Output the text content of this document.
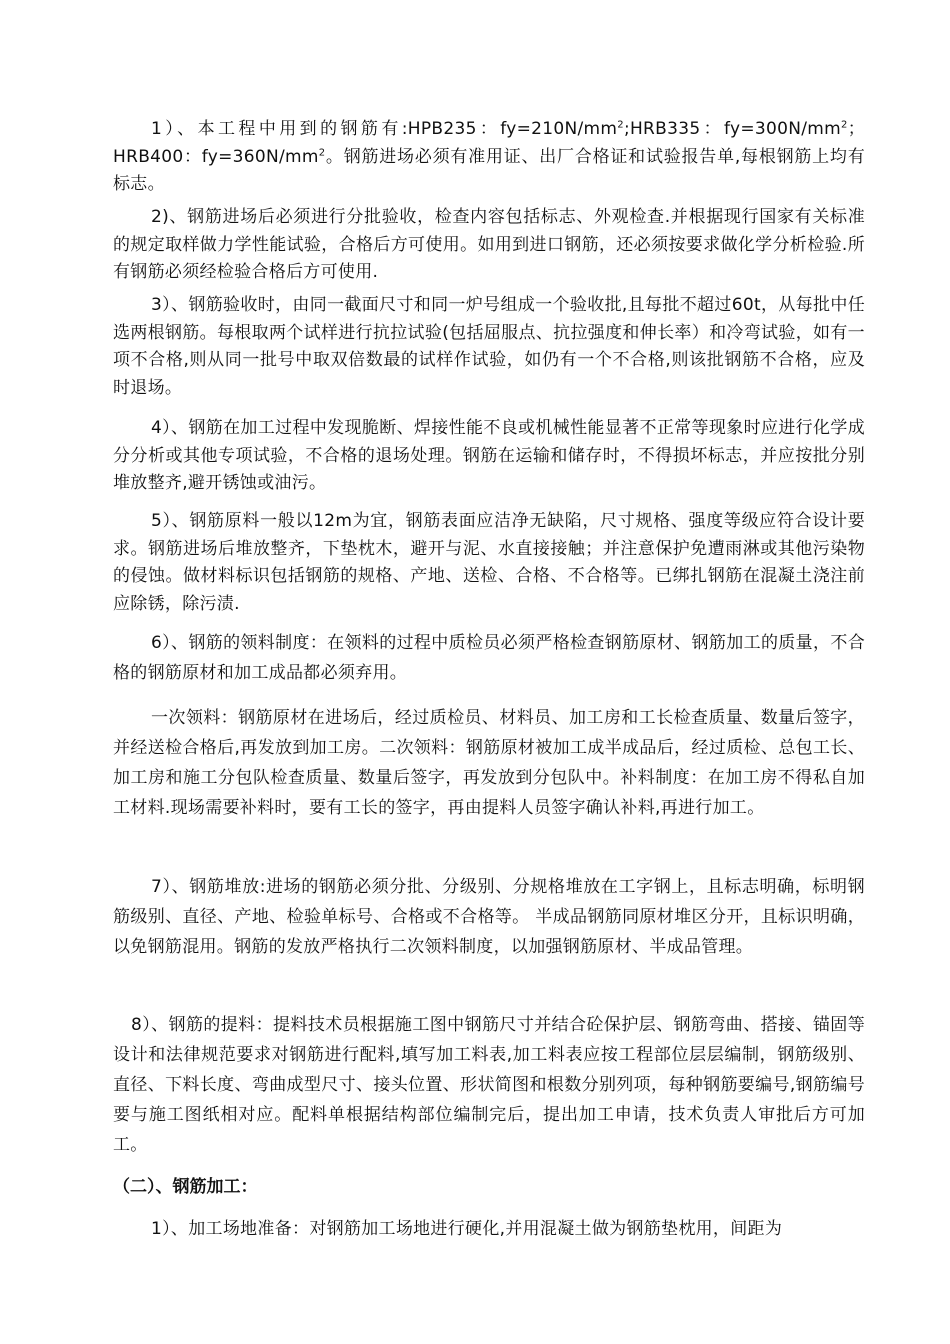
1）、本工程中用到的钢筋有:HPB235：$fy=210N/mm^2;HRB335$：$fy=300N/mm^2$；HRB400：$fy=360N/mm^2$。钢筋进场必须有准用证、出厂合格证和试验报告单,每根钢筋上均有标志。

2)、钢筋进场后必须进行分批验收，检查内容包括标志、外观检查.并根据现行国家有关标准的规定取样做力学性能试验，合格后方可使用。如用到进口钢筋，还必须按要求做化学分析检验.所有钢筋必须经检验合格后方可使用.

3）、钢筋验收时，由同一截面尺寸和同一炉号组成一个验收批,且每批不超过60t，从每批中任选两根钢筋。每根取两个试样进行抗拉试验(包括屈服点、抗拉强度和伸长率）和冷弯试验，如有一项不合格,则从同一批号中取双倍数最的试样作试验，如仍有一个不合格,则该批钢筋不合格，应及时退场。

4）、钢筋在加工过程中发现脆断、焊接性能不良或机械性能显著不正常等现象时应进行化学成分分析或其他专项试验，不合格的退场处理。钢筋在运输和储存时，不得损坏标志，并应按批分别堆放整齐,避开锈蚀或油污。

5）、钢筋原料一般以12m为宜，钢筋表面应洁净无缺陷，尺寸规格、强度等级应符合设计要求。钢筋进场后堆放整齐，下垫枕木，避开与泥、水直接接触；并注意保护免遭雨淋或其他污染物的侵蚀。做材料标识包括钢筋的规格、产地、送检、合格、不合格等。已绑扎钢筋在混凝土浇注前应除锈，除污渍.

6）、钢筋的领料制度：在领料的过程中质检员必须严格检查钢筋原材、钢筋加工的质量，不合格的钢筋原材和加工成品都必须弃用。

一次领料：钢筋原材在进场后，经过质检员、材料员、加工房和工长检查质量、数量后签字，并经送检合格后,再发放到加工房。二次领料：钢筋原材被加工成半成品后，经过质检、总包工长、加工房和施工分包队检查质量、数量后签字，再发放到分包队中。补料制度：在加工房不得私自加工材料.现场需要补料时，要有工长的签字，再由提料人员签字确认补料,再进行加工。

7）、钢筋堆放:进场的钢筋必须分批、分级别、分规格堆放在工字钢上，且标志明确，标明钢筋级别、直径、产地、检验单标号、合格或不合格等。 半成品钢筋同原材堆区分开，且标识明确，以免钢筋混用。钢筋的发放严格执行二次领料制度，以加强钢筋原材、半成品管理。

8）、钢筋的提料：提料技术员根据施工图中钢筋尺寸并结合砼保护层、钢筋弯曲、搭接、锚固等设计和法律规范要求对钢筋进行配料,填写加工料表,加工料表应按工程部位层层编制，钢筋级别、直径、下料长度、弯曲成型尺寸、接头位置、形状简图和根数分别列项，每种钢筋要编号,钢筋编号要与施工图纸相对应。配料单根据结构部位编制完后，提出加工申请，技术负责人审批后方可加工。

（二）、钢筋加工：

1）、加工场地准备：对钢筋加工场地进行硬化,并用混凝土做为钢筋垫枕用，间距为
